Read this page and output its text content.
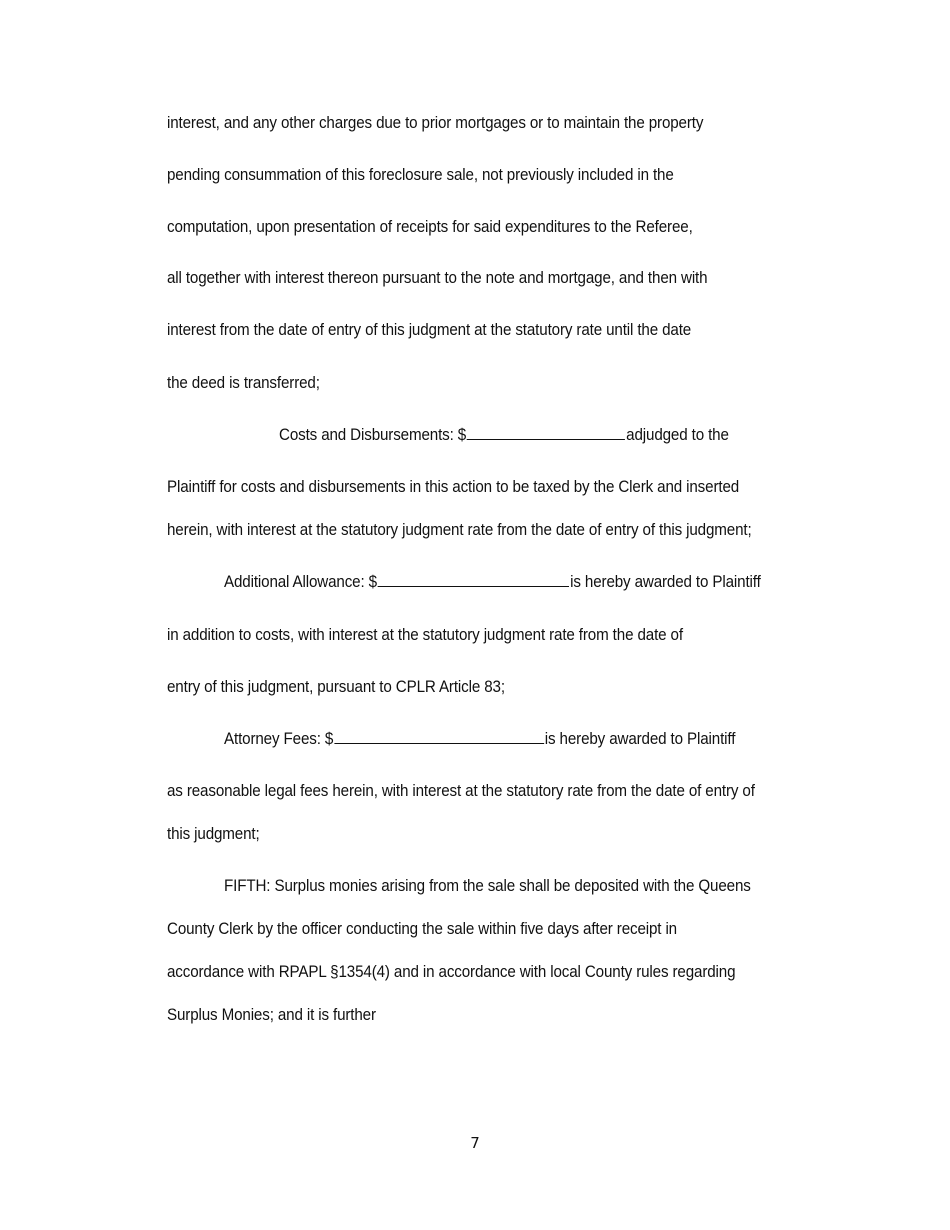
interest, and any other charges due to prior mortgages or to maintain the property
pending consummation of this foreclosure sale, not previously included in the
computation, upon presentation of receipts for said expenditures to the Referee,
all together with interest thereon pursuant to the note and mortgage, and then with
interest from the date of entry of this judgment at the statutory rate until the date
the deed is transferred;
Costs and Disbursements: $	adjudged to the
Plaintiff for costs and disbursements in this action to be taxed by the Clerk and inserted
herein, with interest at the statutory judgment rate from the date of entry of this judgment;
Additional Allowance: $	is hereby awarded to Plaintiff
in addition to costs, with interest at the statutory judgment rate from the date of
entry of this judgment, pursuant to CPLR Article 83;
Attorney Fees: $	is hereby awarded to Plaintiff
as reasonable legal fees herein, with interest at the statutory rate from the date of entry of
this judgment;
FIFTH: Surplus monies arising from the sale shall be deposited with the Queens
County Clerk by the officer conducting the sale within five days after receipt in
accordance with RPAPL §1354(4) and in accordance with local County rules regarding
Surplus Monies; and it is further
7
